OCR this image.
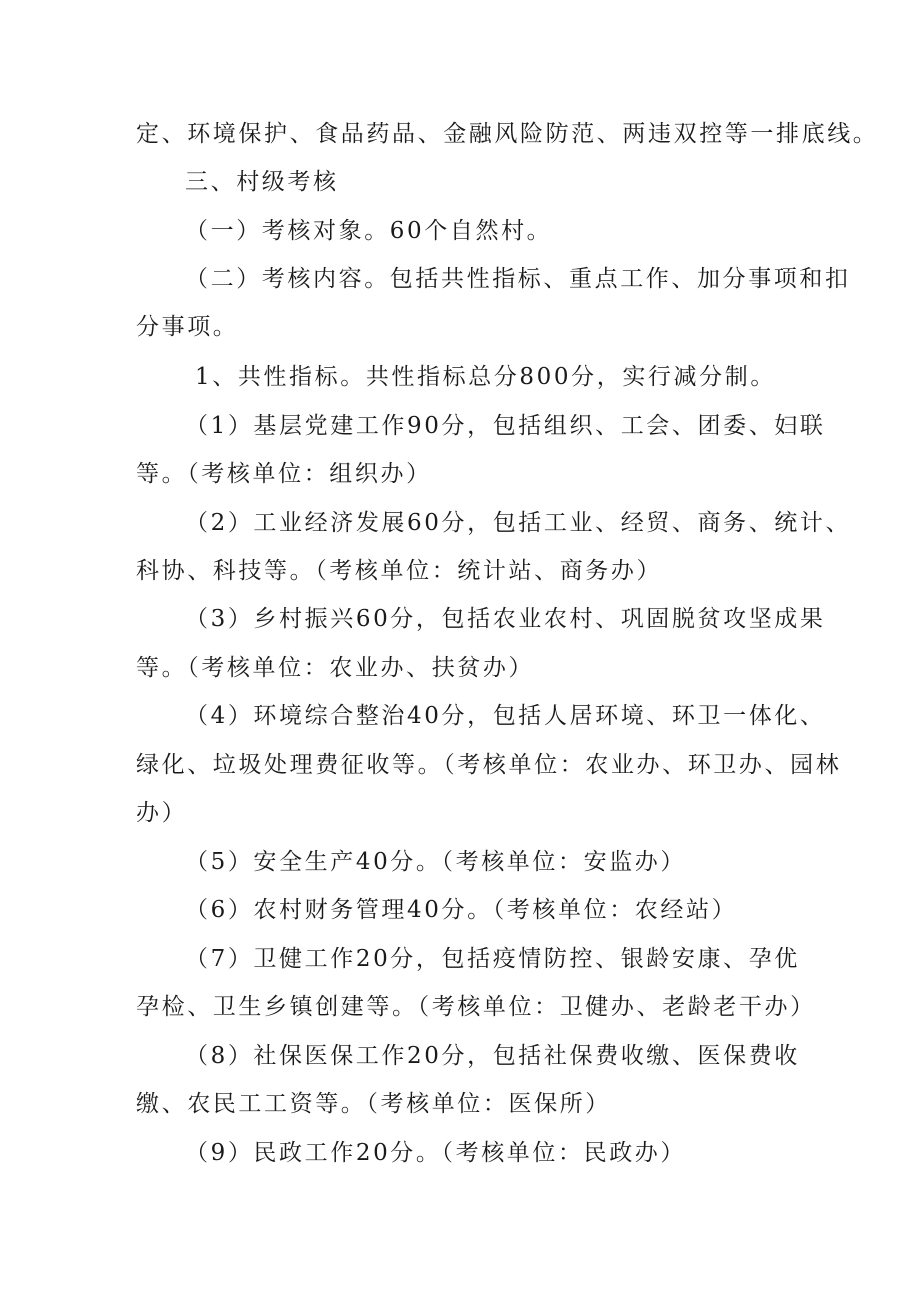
定、环境保护、食品药品、金融风险防范、两违双控等一排底线。
三、村级考核
（一）考核对象。60个自然村。
（二）考核内容。包括共性指标、重点工作、加分事项和扣
分事项。
1、共性指标。共性指标总分800分，实行减分制。
（1）基层党建工作90分，包括组织、工会、团委、妇联
等。（考核单位：组织办）
（2）工业经济发展60分，包括工业、经贸、商务、统计、
科协、科技等。（考核单位：统计站、商务办）
（3）乡村振兴60分，包括农业农村、巩固脱贫攻坚成果
等。（考核单位：农业办、扶贫办）
（4）环境综合整治40分，包括人居环境、环卫一体化、
绿化、垃圾处理费征收等。（考核单位：农业办、环卫办、园林
办）
（5）安全生产40分。（考核单位：安监办）
（6）农村财务管理40分。（考核单位：农经站）
（7）卫健工作20分，包括疫情防控、银龄安康、孕优
孕检、卫生乡镇创建等。（考核单位：卫健办、老龄老干办）
（8）社保医保工作20分，包括社保费收缴、医保费收
缴、农民工工资等。（考核单位：医保所）
（9）民政工作20分。（考核单位：民政办）
